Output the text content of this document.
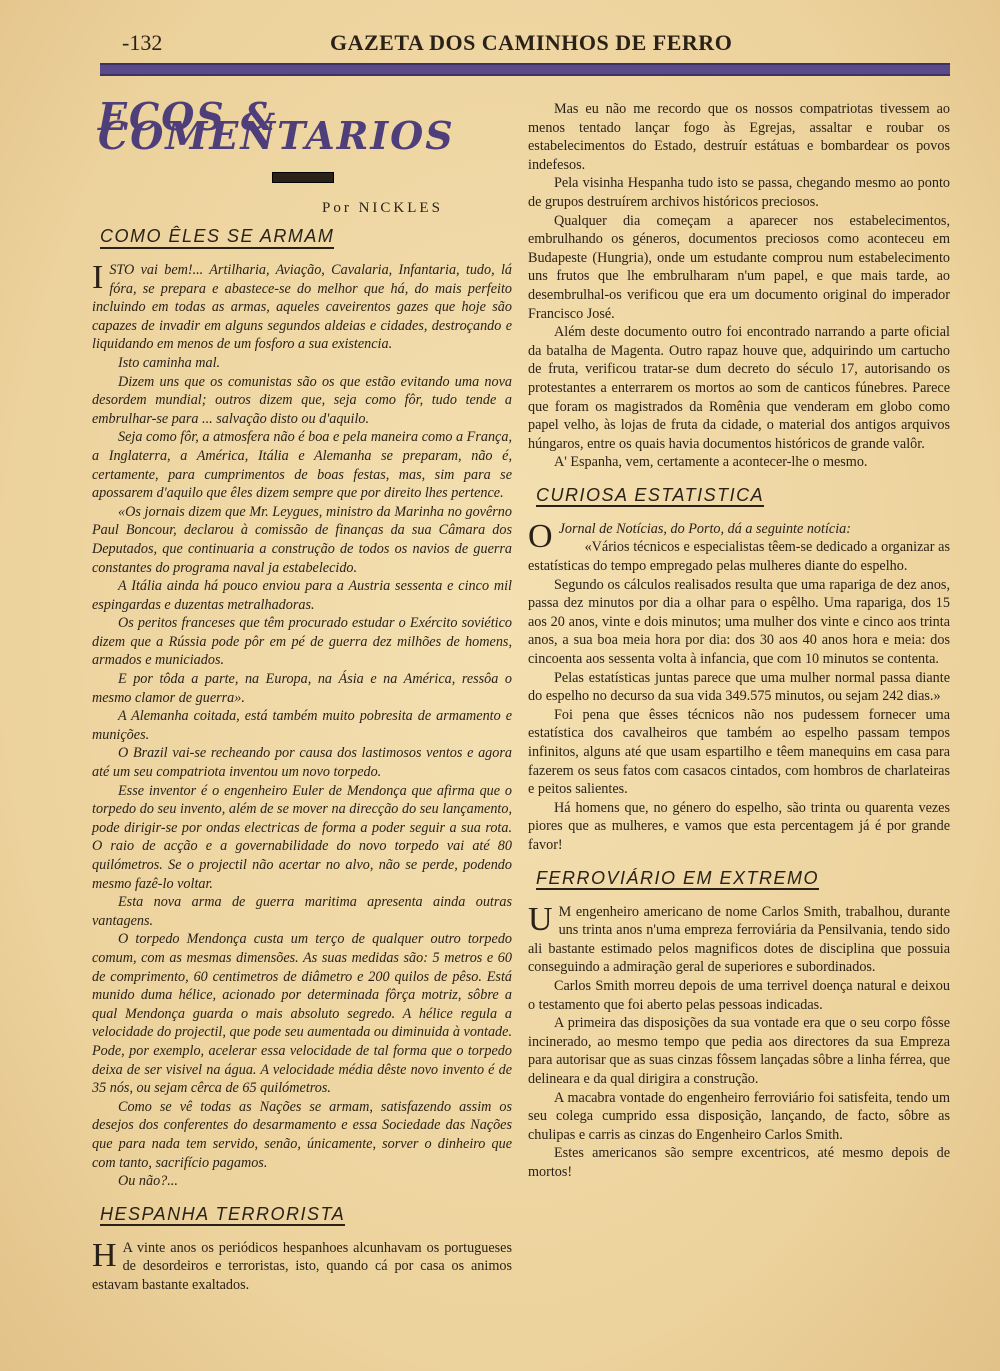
-132	GAZETA DOS CAMINHOS DE FERRO
ECOS & COMENTARIOS
Por NICKLES
COMO ÊLES SE ARMAM

ISTO vai bem!... Artilharia, Aviação, Cavalaria, Infantaria, tudo, lá fóra, se prepara e abastece-se do melhor que há, do mais perfeito incluindo em todas as armas, aqueles caveirentos gazes que hoje são capazes de invadir em alguns segundos aldeias e cidades, destroçando e liquidando em menos de um fosforo a sua existencia.

Isto caminha mal.

Dizem uns que os comunistas são os que estão evitando uma nova desordem mundial; outros dizem que, seja como fôr, tudo tende a embrulhar-se para ... salvação disto ou d'aquilo.

Seja como fôr, a atmosfera não é boa e pela maneira como a França, a Inglaterra, a América, Itália e Alemanha se preparam, não é, certamente, para cumprimentos de boas festas, mas, sim para se apossarem d'aquilo que êles dizem sempre que por direito lhes pertence.

«Os jornais dizem que Mr. Leygues, ministro da Marinha no govêrno Paul Boncour, declarou à comissão de finanças da sua Câmara dos Deputados, que continuaria a construção de todos os navios de guerra constantes do programa naval ja estabelecido.

A Itália ainda há pouco enviou para a Austria sessenta e cinco mil espingardas e duzentas metralhadoras.

Os peritos franceses que têm procurado estudar o Exército soviético dizem que a Rússia pode pôr em pé de guerra dez milhões de homens, armados e municiados.

E por tôda a parte, na Europa, na Ásia e na América, ressôa o mesmo clamor de guerra».

A Alemanha coitada, está também muito pobresita de armamento e munições.

O Brazil vai-se recheando por causa dos lastimosos ventos e agora até um seu compatriota inventou um novo torpedo.

Esse inventor é o engenheiro Euler de Mendonça que afirma que o torpedo do seu invento, além de se mover na direcção do seu lançamento, pode dirigir-se por ondas electricas de forma a poder seguir a sua rota. O raio de acção e a governabilidade do novo torpedo vai até 80 quilómetros. Se o projectil não acertar no alvo, não se perde, podendo mesmo fazê-lo voltar.

Esta nova arma de guerra maritima apresenta ainda outras vantagens.

O torpedo Mendonça custa um terço de qualquer outro torpedo comum, com as mesmas dimensões. As suas medidas são: 5 metros e 60 de comprimento, 60 centimetros de diâmetro e 200 quilos de pêso. Está munido duma hélice, acionado por determinada fôrça motriz, sôbre a qual Mendonça guarda o mais absoluto segredo. A hélice regula a velocidade do projectil, que pode seu aumentada ou diminuida à vontade. Pode, por exemplo, acelerar essa velocidade de tal forma que o torpedo deixa de ser visivel na água. A velocidade média dêste novo invento é de 35 nós, ou sejam cêrca de 65 quilómetros.

Como se vê todas as Nações se armam, satisfazendo assim os desejos dos conferentes do desarmamento e essa Sociedade das Nações que para nada tem servido, senão, únicamente, sorver o dinheiro que com tanto, sacrifício pagamos.

Ou não?...

HESPANHA TERRORISTA

H A vinte anos os periódicos hespanhoes alcunhavam os portugueses de desordeiros e terroristas, isto, quando cá por casa os animos estavam bastante exaltados.

Mas eu não me recordo que os nossos compatriotas tivessem ao menos tentado lançar fogo às Egrejas, assaltar e roubar os estabelecimentos do Estado, destruír estátuas e bombardear os povos indefesos.

Pela visinha Hespanha tudo isto se passa, chegando mesmo ao ponto de grupos destruírem archivos históricos preciosos.

Qualquer dia começam a aparecer nos estabelecimentos, embrulhando os géneros, documentos preciosos como aconteceu em Budapeste (Hungria), onde um estudante comprou num estabelecimento uns frutos que lhe embrulharam n'um papel, e que mais tarde, ao desembrulhal-os verificou que era um documento original do imperador Francisco José.

Além deste documento outro foi encontrado narrando a parte oficial da batalha de Magenta. Outro rapaz houve que, adquirindo um cartucho de fruta, verificou tratar-se dum decreto do século 17, autorisando os protestantes a enterrarem os mortos ao som de canticos fúnebres. Parece que foram os magistrados da Romênia que venderam em globo como papel velho, às lojas de fruta da cidade, o material dos antigos arquivos húngaros, entre os quais havia documentos históricos de grande valôr.

A' Espanha, vem, certamente a acontecer-lhe o mesmo.

CURIOSA ESTATISTICA

O Jornal de Notícias, do Porto, dá a seguinte notícia:

«Vários técnicos e especialistas têem-se dedicado a organizar as estatísticas do tempo empregado pelas mulheres diante do espelho.

Segundo os cálculos realisados resulta que uma rapariga de dez anos, passa dez minutos por dia a olhar para o espêlho. Uma rapariga, dos 15 aos 20 anos, vinte e dois minutos; uma mulher dos vinte e cinco aos trinta anos, a sua boa meia hora por dia: dos 30 aos 40 anos hora e meia: dos cincoenta aos sessenta volta à infancia, que com 10 minutos se contenta.

Pelas estatísticas juntas parece que uma mulher normal passa diante do espelho no decurso da sua vida 349.575 minutos, ou sejam 242 dias.»

Foi pena que êsses técnicos não nos pudessem fornecer uma estatística dos cavalheiros que também ao espelho passam tempos infinitos, alguns até que usam espartilho e têem manequins em casa para fazerem os seus fatos com casacos cintados, com hombros de charlateiras e peitos salientes.

Há homens que, no género do espelho, são trinta ou quarenta vezes piores que as mulheres, e vamos que esta percentagem já é por grande favor!

FERROVIÁRIO EM EXTREMO

U M engenheiro americano de nome Carlos Smith, trabalhou, durante uns trinta anos n'uma empreza ferroviária da Pensilvania, tendo sido ali bastante estimado pelos magnificos dotes de disciplina que possuia conseguindo a admiração geral de superiores e subordinados.

Carlos Smith morreu depois de uma terrivel doença natural e deixou o testamento que foi aberto pelas pessoas indicadas.

A primeira das disposições da sua vontade era que o seu corpo fôsse incinerado, ao mesmo tempo que pedia aos directores da sua Empreza para autorisar que as suas cinzas fôssem lançadas sôbre a linha férrea, que delineara e da qual dirigira a construção.

A macabra vontade do engenheiro ferroviário foi satisfeita, tendo um seu colega cumprido essa disposição, lançando, de facto, sôbre as chulipas e carris as cinzas do Engenheiro Carlos Smith.

Estes americanos são sempre excentricos, até mesmo depois de mortos!
